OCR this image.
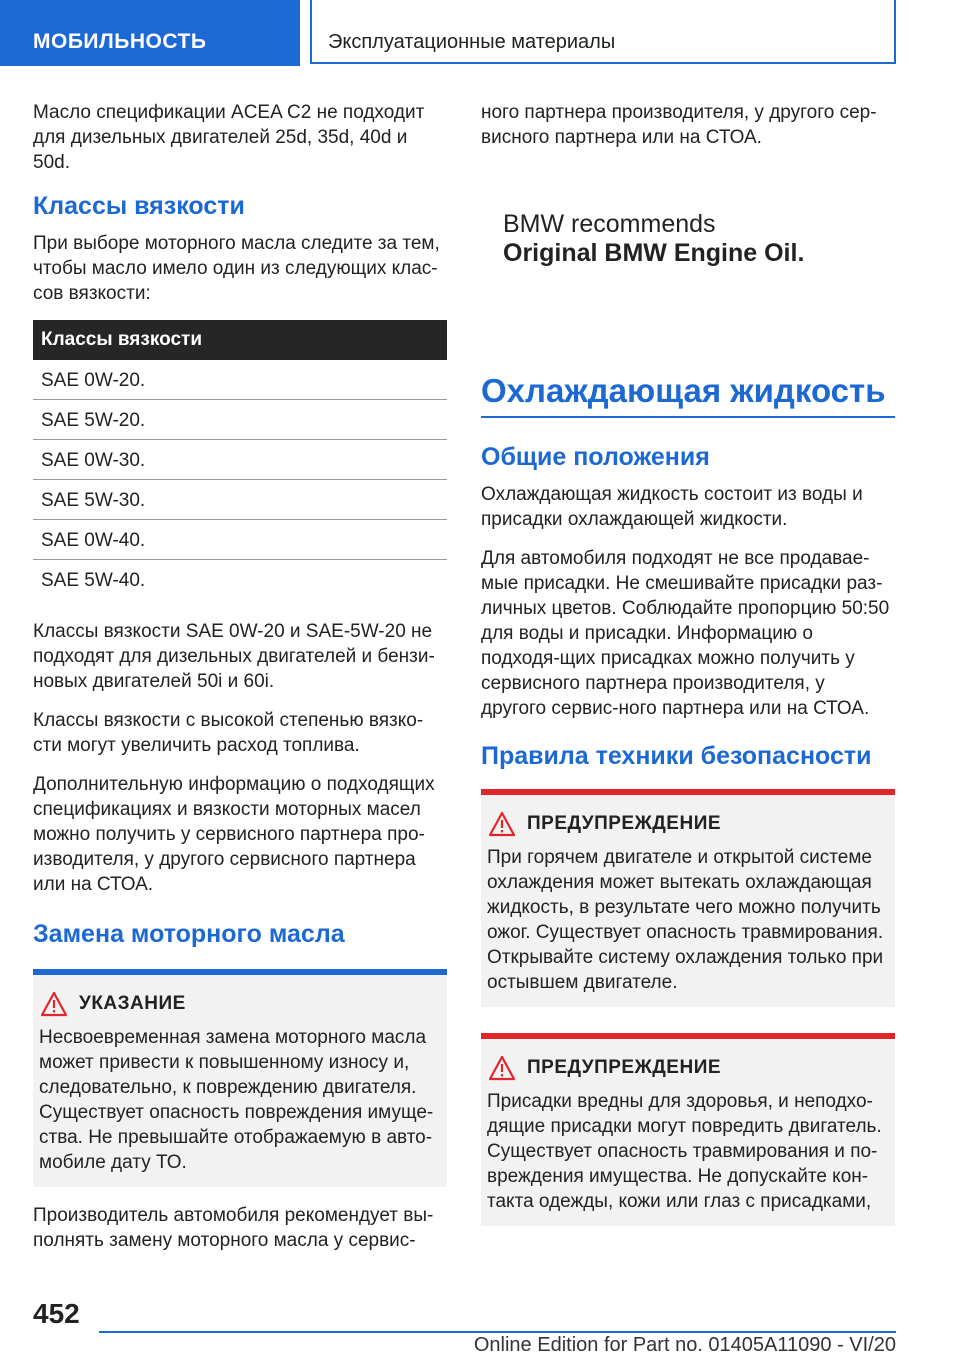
МОБИЛЬНОСТЬ	Эксплуатационные материалы

Масло спецификации ACEA C2 не подходит для дизельных двигателей 25d, 35d, 40d и 50d.

Классы вязкости

При выборе моторного масла следите за тем, чтобы масло имело один из следующих клас-сов вязкости:

Классы вязкости
SAE 0W-20.
SAE 5W-20.
SAE 0W-30.
SAE 5W-30.
SAE 0W-40.
SAE 5W-40.

Классы вязкости SAE 0W-20 и SAE-5W-20 не подходят для дизельных двигателей и бензи-новых двигателей 50i и 60i.

Классы вязкости с высокой степенью вязко-сти могут увеличить расход топлива.

Дополнительную информацию о подходящих спецификациях и вязкости моторных масел можно получить у сервисного партнера про-изводителя, у другого сервисного партнера или на СТОА.

Замена моторного масла
УКАЗАНИЕ

Несвоевременная замена моторного масла может привести к повышенному износу и, следовательно, к повреждению двигателя. Существует опасность повреждения имуще-ства. Не превышайте отображаемую в авто-мобиле дату ТО.

Производитель автомобиля рекомендует вы-полнять замену моторного масла у сервис-

ного партнера производителя, у другого сер-висного партнера или на СТОА.

BMW recommends
Original BMW Engine Oil.
Охлаждающая жидкость
Общие положения

Охлаждающая жидкость состоит из воды и присадки охлаждающей жидкости.

Для автомобиля подходят не все продавае-мые присадки. Не смешивайте присадки раз-личных цветов. Соблюдайте пропорцию 50:50 для воды и присадки. Информацию о подходя-щих присадках можно получить у сервисного партнера производителя, у другого сервис-ного партнера или на СТОА.

Правила техники безопасности
ПРЕДУПРЕЖДЕНИЕ

При горячем двигателе и открытой системе охлаждения может вытекать охлаждающая жидкость, в результате чего можно получить ожог. Существует опасность травмирования. Открывайте систему охлаждения только при остывшем двигателе.

ПРЕДУПРЕЖДЕНИЕ

Присадки вредны для здоровья, и неподхо-дящие присадки могут повредить двигатель. Существует опасность травмирования и по-вреждения имущества. Не допускайте кон-такта одежды, кожи или глаз с присадками,

452
Online Edition for Part no. 01405A11090 - VI/20
